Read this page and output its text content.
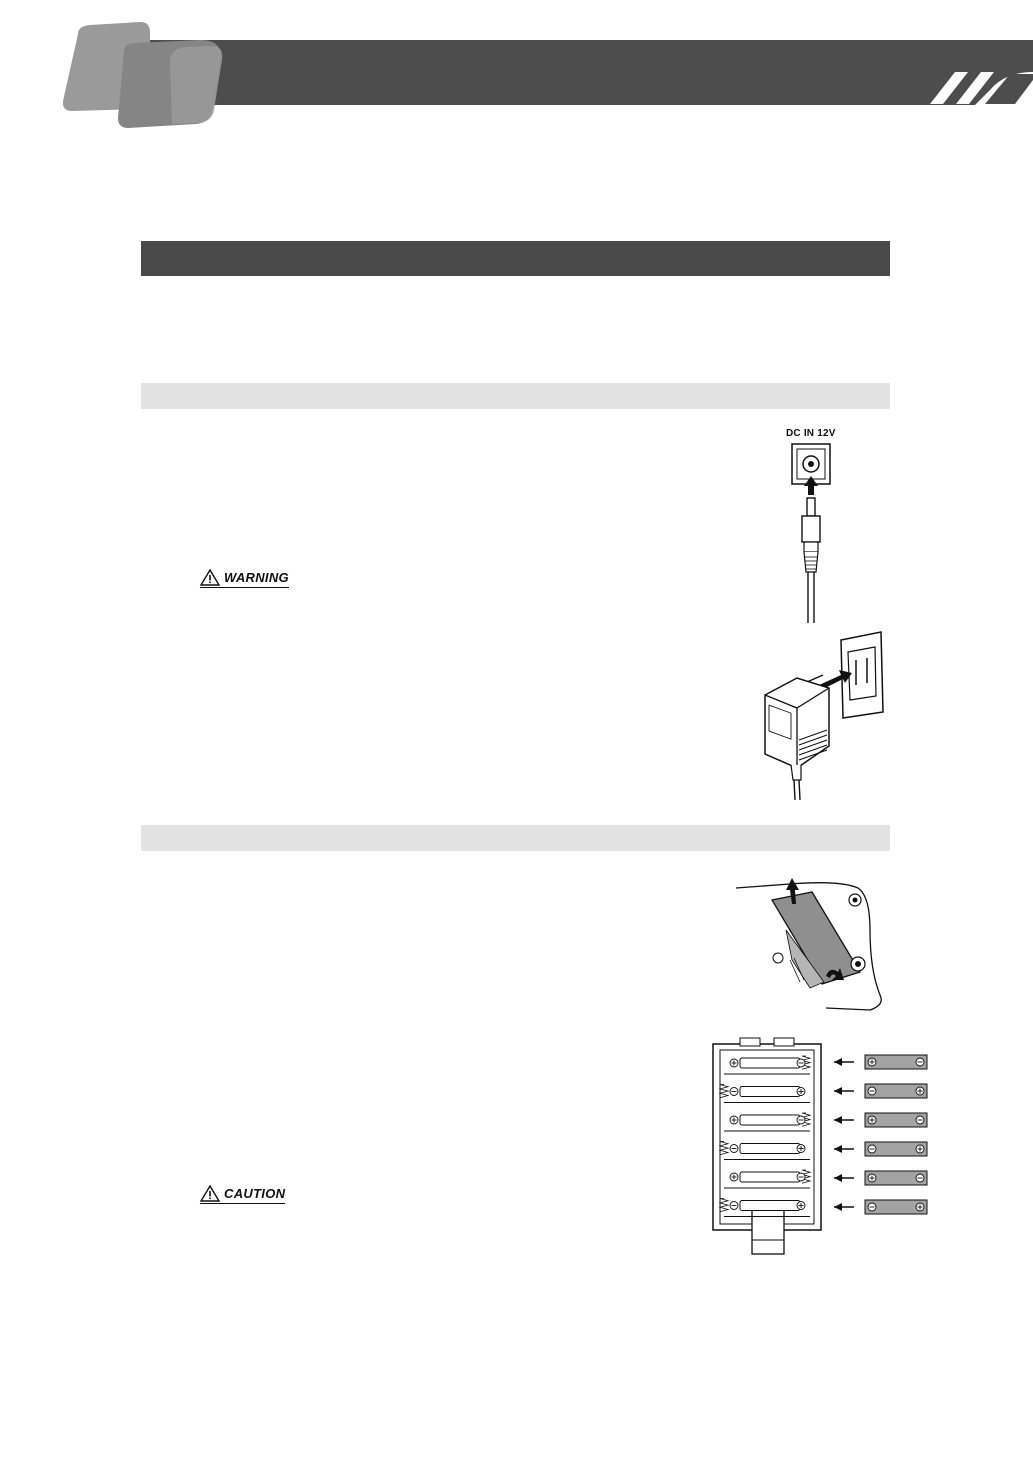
WARNING
CAUTION
DC IN 12V
